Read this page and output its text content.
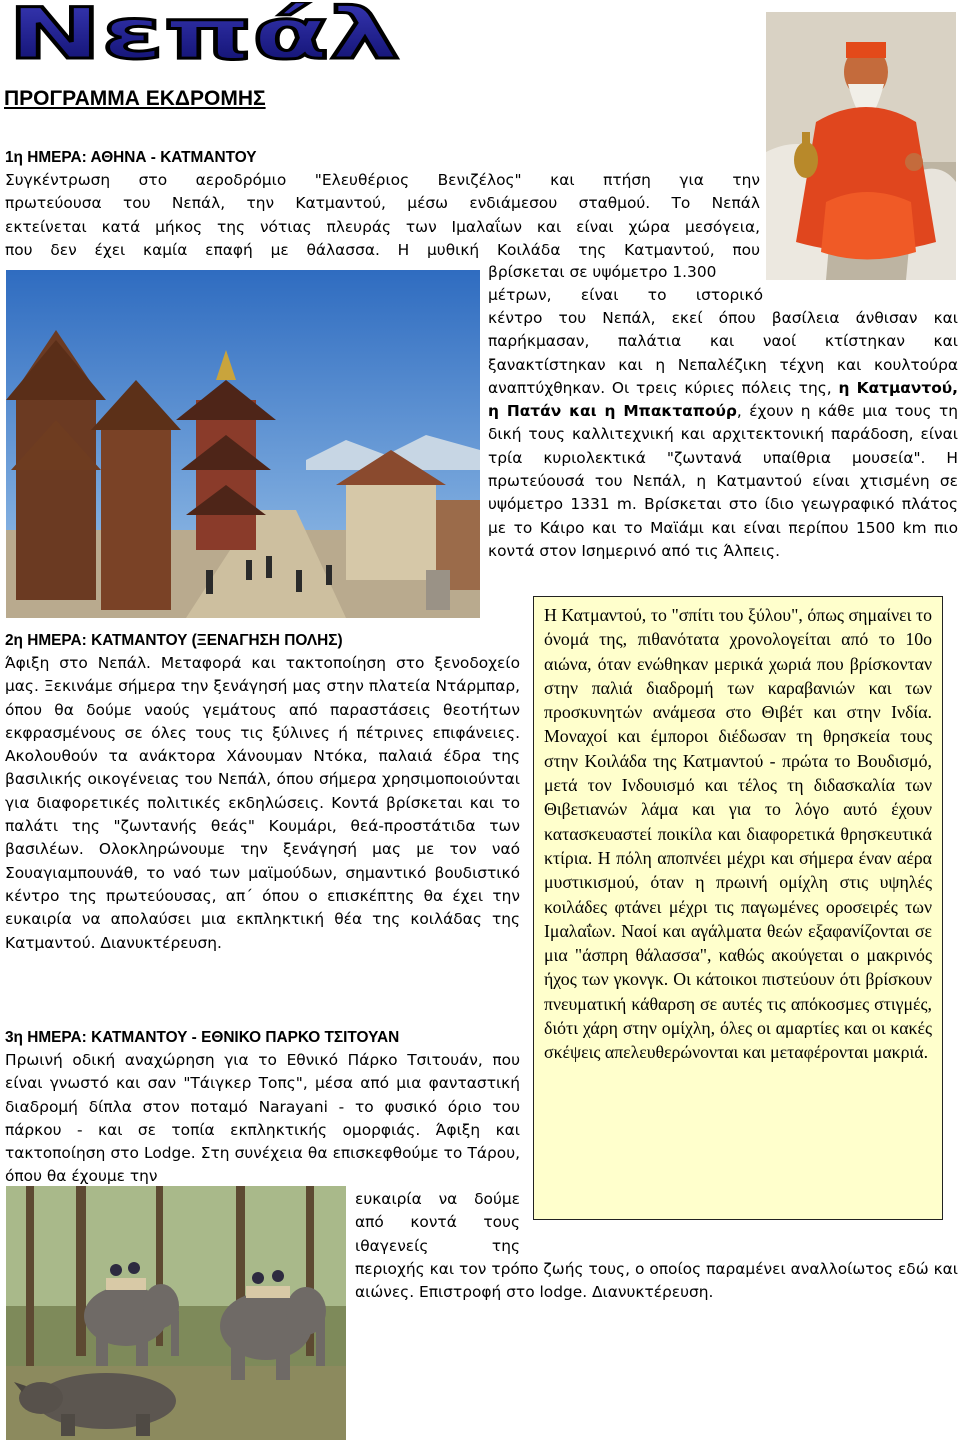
Νεπάλ
ΠΡΟΓΡΑΜΜΑ ΕΚΔΡΟΜΗΣ

1η ΗΜΕΡΑ: ΑΘΗΝΑ - ΚΑΤΜΑΝΤΟΥ

Συγκέντρωση στο αεροδρόμιο "Ελευθέριος Βενιζέλος" και πτήση για την
πρωτεύουσα του Νεπάλ, την Κατμαντού, μέσω ενδιάμεσου σταθμού. Το Νεπάλ
εκτείνεται κατά μήκος της νότιας πλευράς των Ιμαλαΐων και είναι χώρα μεσόγεια,
που δεν έχει καμία επαφή με θάλασσα. Η μυθική Κοιλάδα της Κατμαντού, που
βρίσκεται σε υψόμετρο 1.300
μέτρων, είναι το ιστορικό
κέντρο του Νεπάλ, εκεί όπου βασίλεια άνθισαν και παρήκμασαν, παλάτια και ναοί κτίστηκαν και ξανακτίστηκαν και η Νεπαλέζικη τέχνη και κουλτούρα αναπτύχθηκαν. Οι τρεις κύριες πόλεις της, η Κατμαντού, η Πατάν και η Μπακταπούρ, έχουν η κάθε μια τους τη δική τους καλλιτεχνική και αρχιτεκτονική παράδοση, είναι τρία κυριολεκτικά "ζωντανά υπαίθρια μουσεία". Η πρωτεύουσά του Νεπάλ, η Κατμαντού είναι χτισμένη σε υψόμετρο 1331 m. Βρίσκεται στο ίδιο γεωγραφικό πλάτος με το Κάιρο και το Μαϊάμι και είναι περίπου 1500 km πιο κοντά στον Ισημερινό από τις Άλπεις.

2η ΗΜΕΡΑ: ΚΑΤΜΑΝΤΟΥ (ΞΕΝΑΓΗΣΗ ΠΟΛΗΣ)

Άφιξη στο Νεπάλ. Μεταφορά και τακτοποίηση στο ξενοδοχείο μας. Ξεκινάμε σήμερα την ξενάγησή μας στην πλατεία Ντάρμπαρ, όπου θα δούμε ναούς γεμάτους από παραστάσεις θεοτήτων εκφρασμένους σε όλες τους τις ξύλινες ή πέτρινες επιφάνειες. Ακολουθούν τα ανάκτορα Χάνουμαν Ντόκα, παλαιά έδρα της βασιλικής οικογένειας του Νεπάλ, όπου σήμερα χρησιμοποιούνται για διαφορετικές πολιτικές εκδηλώσεις. Κοντά βρίσκεται και το παλάτι της "ζωντανής θεάς" Κουμάρι, θεά-προστάτιδα των βασιλέων. Ολοκληρώνουμε την ξενάγησή μας με τον ναό Σουαγιαμπουνάθ, το ναό των μαϊμούδων, σημαντικό βουδιστικό κέντρο της πρωτεύουσας, απ΄ όπου ο επισκέπτης θα έχει την ευκαιρία να απολαύσει μια εκπληκτική θέα της κοιλάδας της Κατμαντού. Διανυκτέρευση.

Η Κατμαντού, το "σπίτι του ξύλου", όπως σημαίνει το όνομά της, πιθανότατα χρονολογείται από το 10ο αιώνα, όταν ενώθηκαν μερικά χωριά που βρίσκονταν στην παλιά διαδρομή των καραβανιών και των προσκυνητών ανάμεσα στο Θιβέτ και στην Ινδία. Μοναχοί και έμποροι διέδωσαν τη θρησκεία τους στην Κοιλάδα της Κατμαντού - πρώτα το Βουδισμό, μετά τον Ινδουισμό και τέλος τη διδασκαλία των Θιβετιανών λάμα και για το λόγο αυτό έχουν κατασκευαστεί ποικίλα και διαφορετικά θρησκευτικά κτίρια. Η πόλη αποπνέει μέχρι και σήμερα έναν αέρα μυστικισμού, όταν η πρωινή ομίχλη στις υψηλές κοιλάδες φτάνει μέχρι τις παγωμένες οροσειρές των Ιμαλαΐων. Ναοί και αγάλματα θεών εξαφανίζονται σε μια "άσπρη θάλασσα", καθώς ακούγεται ο μακρινός ήχος των γκονγκ. Οι κάτοικοι πιστεύουν ότι βρίσκουν πνευματική κάθαρση σε αυτές τις απόκοσμες στιγμές, διότι χάρη στην ομίχλη, όλες οι αμαρτίες και οι κακές σκέψεις απελευθερώνονται και μεταφέρονται μακριά.

3η ΗΜΕΡΑ: ΚΑΤΜΑΝΤΟΥ - ΕΘΝΙΚΟ ΠΑΡΚΟ ΤΣΙΤΟΥΑΝ

Πρωινή οδική αναχώρηση για το Εθνικό Πάρκο Τσιτουάν, που είναι γνωστό και σαν "Τάιγκερ Τοπς", μέσα από μια φανταστική διαδρομή δίπλα στον ποταμό Narayani - το φυσικό όριο του πάρκου - και σε τοπία εκπληκτικής ομορφιάς. Άφιξη και τακτοποίηση στο Lodge. Στη συνέχεια θα επισκεφθούμε το Τάρου, όπου θα έχουμε την

ευκαιρία να δούμε από κοντά τους ιθαγενείς της
περιοχής και τον τρόπο ζωής τους, ο οποίος παραμένει αναλλοίωτος εδώ και αιώνες. Επιστροφή στο lodge. Διανυκτέρευση.
